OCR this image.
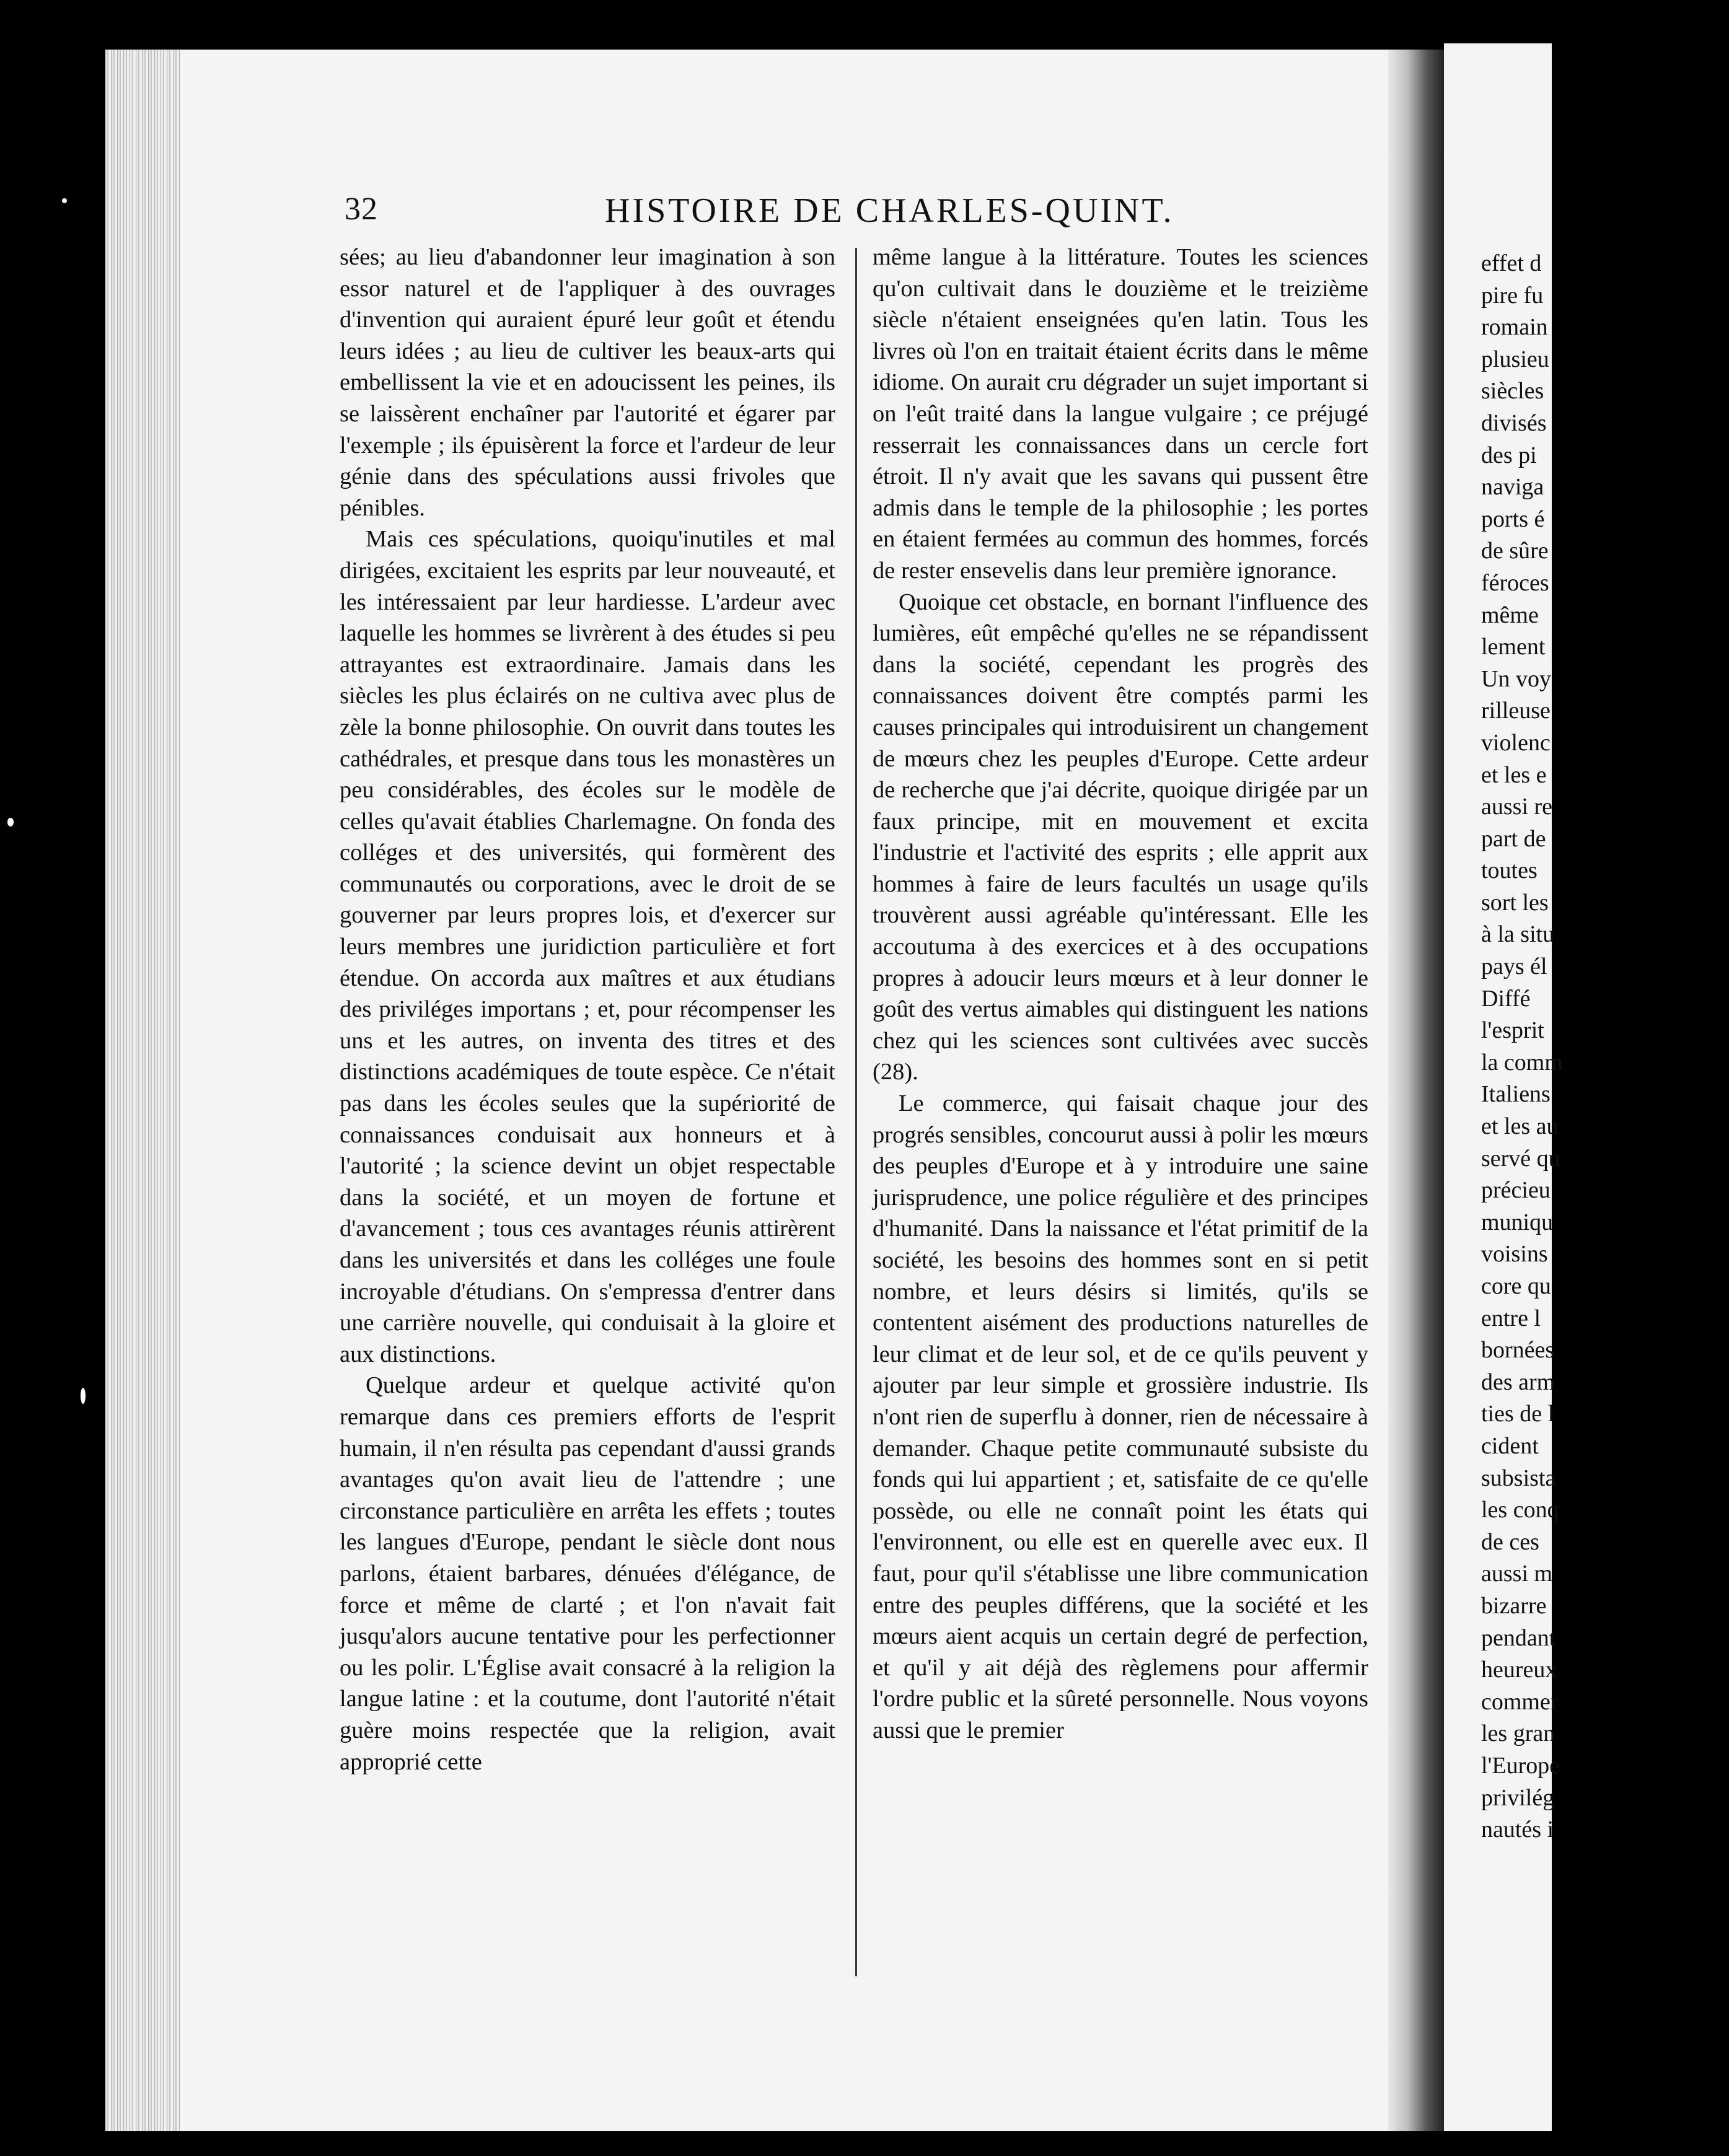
32	HISTOIRE DE CHARLES-QUINT.

sées; au lieu d'abandonner leur imagination à son essor naturel et de l'appliquer à des ouvrages d'invention qui auraient épuré leur goût et étendu leurs idées ; au lieu de cultiver les beaux-arts qui embellissent la vie et en adoucissent les peines, ils se laissèrent enchaîner par l'autorité et égarer par l'exemple ; ils épuisèrent la force et l'ardeur de leur génie dans des spéculations aussi frivoles que pénibles.

Mais ces spéculations, quoiqu'inutiles et mal dirigées, excitaient les esprits par leur nouveauté, et les intéressaient par leur hardiesse. L'ardeur avec laquelle les hommes se livrèrent à des études si peu attrayantes est extraordinaire. Jamais dans les siècles les plus éclairés on ne cultiva avec plus de zèle la bonne philosophie. On ouvrit dans toutes les cathédrales, et presque dans tous les monastères un peu considérables, des écoles sur le modèle de celles qu'avait établies Charlemagne. On fonda des colléges et des universités, qui formèrent des communautés ou corporations, avec le droit de se gouverner par leurs propres lois, et d'exercer sur leurs membres une juridiction particulière et fort étendue. On accorda aux maîtres et aux étudians des priviléges importans ; et, pour récompenser les uns et les autres, on inventa des titres et des distinctions académiques de toute espèce. Ce n'était pas dans les écoles seules que la supériorité de connaissances conduisait aux honneurs et à l'autorité ; la science devint un objet respectable dans la société, et un moyen de fortune et d'avancement ; tous ces avantages réunis attirèrent dans les universités et dans les colléges une foule incroyable d'étudians. On s'empressa d'entrer dans une carrière nouvelle, qui conduisait à la gloire et aux distinctions.

Quelque ardeur et quelque activité qu'on remarque dans ces premiers efforts de l'esprit humain, il n'en résulta pas cependant d'aussi grands avantages qu'on avait lieu de l'attendre ; une circonstance particulière en arrêta les effets ; toutes les langues d'Europe, pendant le siècle dont nous parlons, étaient barbares, dénuées d'élégance, de force et même de clarté ; et l'on n'avait fait jusqu'alors aucune tentative pour les perfectionner ou les polir. L'Église avait consacré à la religion la langue latine : et la coutume, dont l'autorité n'était guère moins respectée que la religion, avait approprié cette

même langue à la littérature. Toutes les sciences qu'on cultivait dans le douzième et le treizième siècle n'étaient enseignées qu'en latin. Tous les livres où l'on en traitait étaient écrits dans le même idiome. On aurait cru dégrader un sujet important si on l'eût traité dans la langue vulgaire ; ce préjugé resserrait les connaissances dans un cercle fort étroit. Il n'y avait que les savans qui pussent être admis dans le temple de la philosophie ; les portes en étaient fermées au commun des hommes, forcés de rester ensevelis dans leur première ignorance.

Quoique cet obstacle, en bornant l'influence des lumières, eût empêché qu'elles ne se répandissent dans la société, cependant les progrès des connaissances doivent être comptés parmi les causes principales qui introduisirent un changement de mœurs chez les peuples d'Europe. Cette ardeur de recherche que j'ai décrite, quoique dirigée par un faux principe, mit en mouvement et excita l'industrie et l'activité des esprits ; elle apprit aux hommes à faire de leurs facultés un usage qu'ils trouvèrent aussi agréable qu'intéressant. Elle les accoutuma à des exercices et à des occupations propres à adoucir leurs mœurs et à leur donner le goût des vertus aimables qui distinguent les nations chez qui les sciences sont cultivées avec succès (28).

Le commerce, qui faisait chaque jour des progrés sensibles, concourut aussi à polir les mœurs des peuples d'Europe et à y introduire une saine jurisprudence, une police régulière et des principes d'humanité. Dans la naissance et l'état primitif de la société, les besoins des hommes sont en si petit nombre, et leurs désirs si limités, qu'ils se contentent aisément des productions naturelles de leur climat et de leur sol, et de ce qu'ils peuvent y ajouter par leur simple et grossière industrie. Ils n'ont rien de superflu à donner, rien de nécessaire à demander. Chaque petite communauté subsiste du fonds qui lui appartient ; et, satisfaite de ce qu'elle possède, ou elle ne connaît point les états qui l'environnent, ou elle est en querelle avec eux. Il faut, pour qu'il s'établisse une libre communication entre des peuples différens, que la société et les mœurs aient acquis un certain degré de perfection, et qu'il y ait déjà des règlemens pour affermir l'ordre public et la sûreté personnelle. Nous voyons aussi que le premier

effet d
pire fu
romain
plusieu
siècles
divisés
des pi
naviga
ports é
de sûre
féroces
même
lement
Un voy
rilleuse
violenc
et les e
aussi re
part de
toutes
sort les
à la situ
pays él
Diffé
l'esprit
la comm
Italiens
et les au
servé qu
précieu
muniqu
voisins
core qu
entre l
bornées
des arm
ties de l
cident
subsista
les conq
de ces
aussi m
bizarre
pendant
heureux
commer
les gran
l'Europe
privilég
nautés i
